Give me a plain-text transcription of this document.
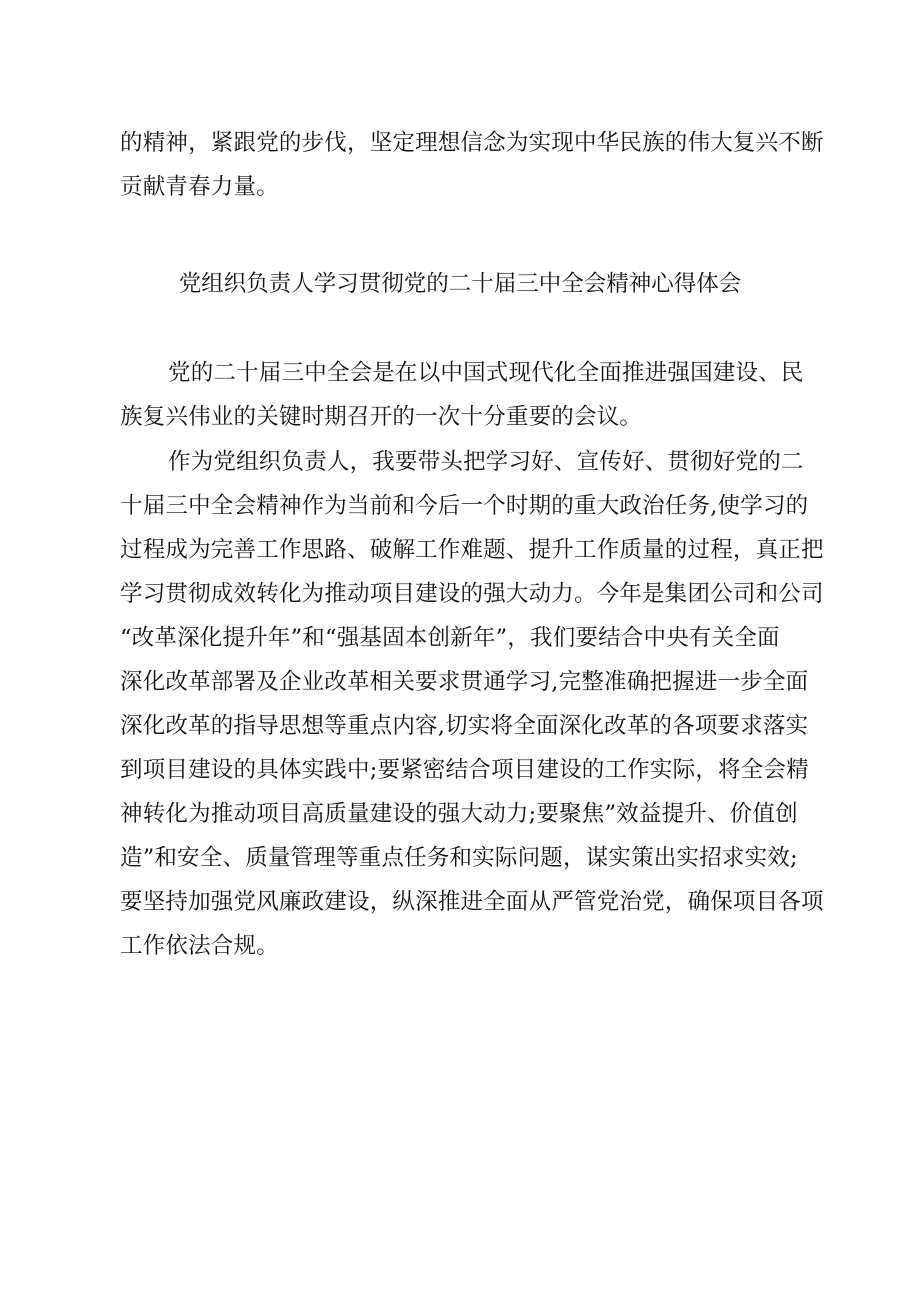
的精神，紧跟党的步伐，坚定理想信念为实现中华民族的伟大复兴不断
贡献青春力量。
党组织负责人学习贯彻党的二十届三中全会精神心得体会
党的二十届三中全会是在以中国式现代化全面推进强国建设、民
族复兴伟业的关键时期召开的一次十分重要的会议。
作为党组织负责人，我要带头把学习好、宣传好、贯彻好党的二
十届三中全会精神作为当前和今后一个时期的重大政治任务,使学习的
过程成为完善工作思路、破解工作难题、提升工作质量的过程，真正把
学习贯彻成效转化为推动项目建设的强大动力。今年是集团公司和公司
“改革深化提升年”和“强基固本创新年”，我们要结合中央有关全面
深化改革部署及企业改革相关要求贯通学习,完整准确把握进一步全面
深化改革的指导思想等重点内容,切实将全面深化改革的各项要求落实
到项目建设的具体实践中;要紧密结合项目建设的工作实际，将全会精
神转化为推动项目高质量建设的强大动力;要聚焦”效益提升、价值创
造”和安全、质量管理等重点任务和实际问题，谋实策出实招求实效;
要坚持加强党风廉政建设，纵深推进全面从严管党治党，确保项目各项
工作依法合规。
